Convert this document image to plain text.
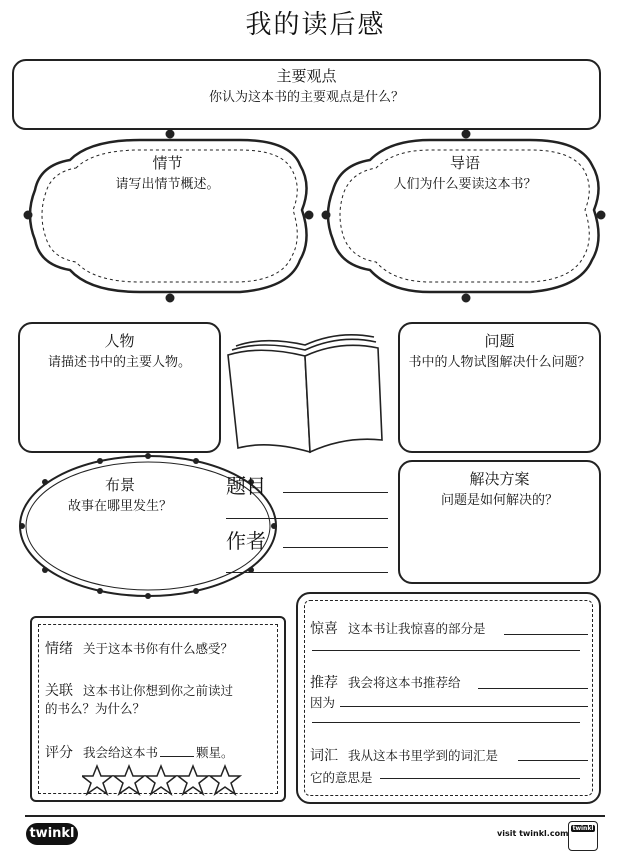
我的读后感
主要观点
你认为这本书的主要观点是什么？
情节
请写出情节概述。
导语
人们为什么要读这本书？
人物
请描述书中的主要人物。
问题
书中的人物试图解决什么问题？
布景
故事在哪里发生？
题目
作者
解决方案
问题是如何解决的？
情绪 关于这本书你有什么感受？
关联 这本书让你想到你之前读过
的书么？为什么？
评分 我会给这本书	颗星。
惊喜 这本书让我惊喜的部分是
推荐 我会将这本书推荐给
因为
词汇 我从这本书里学到的词汇是
它的意思是
twinkl	visit twinkl.com
twinkl
